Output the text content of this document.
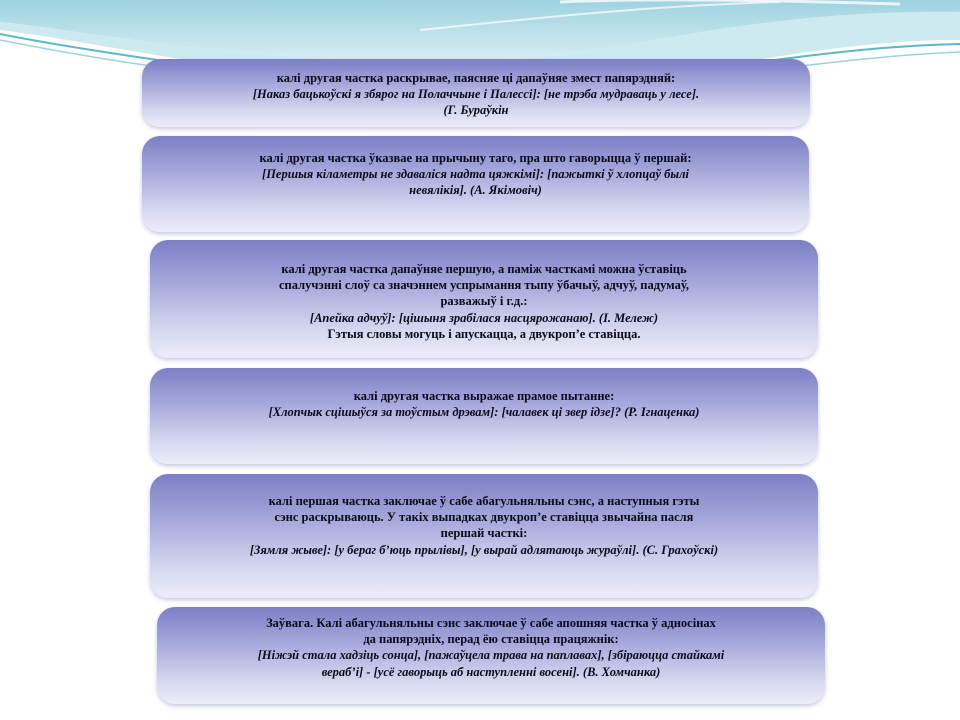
калі другая частка раскрывае, паясняе ці дапаўняе змест папярэдняй:

[Наказ бацькоўскі я збярог на Полаччыне і Палессі]: [не трэба мудраваць у лесе].

(Г. Бураўкін

калі другая частка ўказвае на прычыну таго, пра што гаворыцца ў першай:

[Першыя кіламетры не здаваліся надта цяжкімі]: [пажыткі ў хлопцаў былі

невялікія]. (А. Якімовіч)

калі другая частка дапаўняе першую, а паміж часткамі можна ўставіць

спалучэнні слоў са значэннем успрымання тыпу ўбачыў, адчуў, падумаў,

разважыў і г.д.:

[Апейка адчуў]: [цішыня зрабілася насцярожанаю]. (І. Мележ)

Гэтыя словы могуць і апускацца, а двукроп’е ставіцца.

калі другая частка выражае прамое пытанне:

[Хлопчык сцішыўся за тоўстым дрэвам]: [чалавек ці звер ідзе]? (Р. Ігнаценка)

калі першая частка заключае ў сабе абагульняльны сэнс, а наступныя гэты

сэнс раскрываюць. У такіх выпадках двукроп’е ставіцца звычайна пасля

першай часткі:

[Зямля жыве]: [у бераг б’юць прылівы], [у вырай адлятаюць жураўлі]. (С. Грахоўскі)

Заўвага. Калі абагульняльны сэнс заключае ў сабе апошняя частка ў адносінах

да папярэдніх, перад ёю ставіцца працяжнік:

[Ніжэй стала хадзіць сонца], [пажаўцела трава на паплавах], [збіраюцца стайкамі

вераб’і] - [усё гаворыць аб наступленні восені]. (В. Хомчанка)
